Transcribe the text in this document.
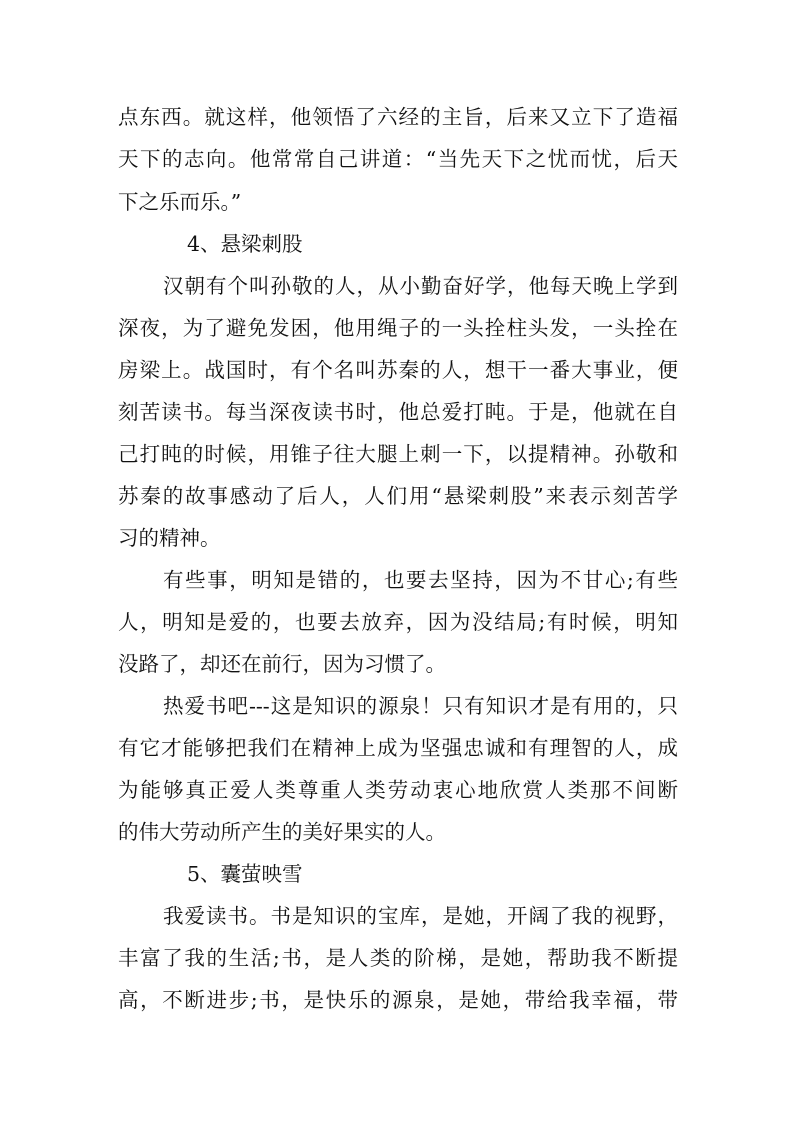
点东西。就这样，他领悟了六经的主旨，后来又立下了造福
天下的志向。他常常自己讲道：“当先天下之忧而忧，后天
下之乐而乐。”
4、悬梁刺股
汉朝有个叫孙敬的人，从小勤奋好学，他每天晚上学到
深夜，为了避免发困，他用绳子的一头拴柱头发，一头拴在
房梁上。战国时，有个名叫苏秦的人，想干一番大事业，便
刻苦读书。每当深夜读书时，他总爱打盹。于是，他就在自
己打盹的时候，用锥子往大腿上刺一下，以提精神。孙敬和
苏秦的故事感动了后人，人们用“悬梁刺股”来表示刻苦学
习的精神。
有些事，明知是错的，也要去坚持，因为不甘心;有些
人，明知是爱的，也要去放弃，因为没结局;有时候，明知
没路了，却还在前行，因为习惯了。
热爱书吧---这是知识的源泉！只有知识才是有用的，只
有它才能够把我们在精神上成为坚强忠诚和有理智的人，成
为能够真正爱人类尊重人类劳动衷心地欣赏人类那不间断
的伟大劳动所产生的美好果实的人。
5、囊萤映雪
我爱读书。书是知识的宝库，是她，开阔了我的视野，
丰富了我的生活;书，是人类的阶梯，是她，帮助我不断提
高，不断进步;书，是快乐的源泉，是她，带给我幸福，带
